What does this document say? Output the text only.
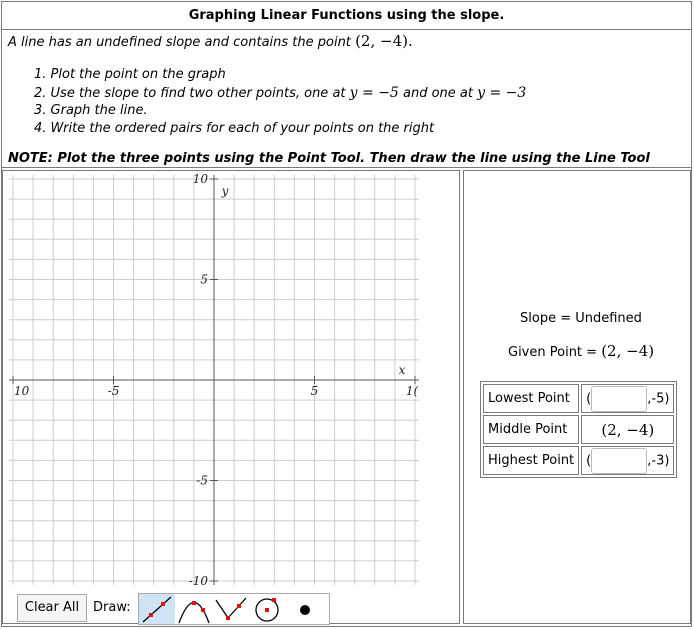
Graphing Linear Functions using the slope.
A line has an undefined slope and contains the point (2, −4).
1. Plot the point on the graph
2. Use the slope to find two other points, one at y = −5 and one at y = −3
3. Graph the line.
4. Write the ordered pairs for each of your points on the right
NOTE: Plot the three points using the Point Tool. Then draw the line using the Line Tool
10	-5	5	1(
10
5
-5
-10
y
x
Clear All	Draw:
Slope = Undefined
Given Point = (2, −4)
Lowest Point	( ,-5)
Middle Point	(2, −4)
Highest Point	( ,-3)
